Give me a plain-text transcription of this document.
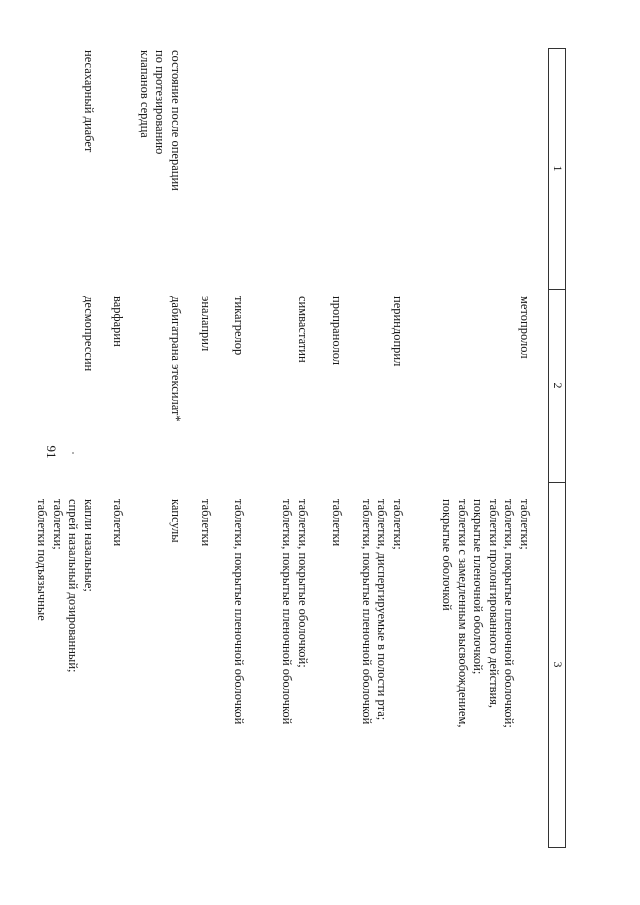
91
1
2
3
метопролол
таблетки;
таблетки, покрытые пленочной оболочкой;
таблетки пролонгированного действия,
покрытые пленочной оболочкой;
таблетки с замедленным высвобождением,
покрытые оболочкой
периндоприл
таблетки;
таблетки, диспергируемые в полости рта;
таблетки, покрытые пленочной оболочкой
пропранолол
таблетки
симвастатин
таблетки, покрытые оболочкой;
таблетки, покрытые пленочной оболочкой
тикагрелор
таблетки, покрытые пленочной оболочкой
эналаприл
таблетки
состояние после операции
по протезированию
клапанов сердца
дабигатрана этексилат*
капсулы
варфарин
таблетки
несахарный диабет
десмопрессин
капли назальные;
спрей назальный дозированный;
таблетки;
таблетки подъязычные
